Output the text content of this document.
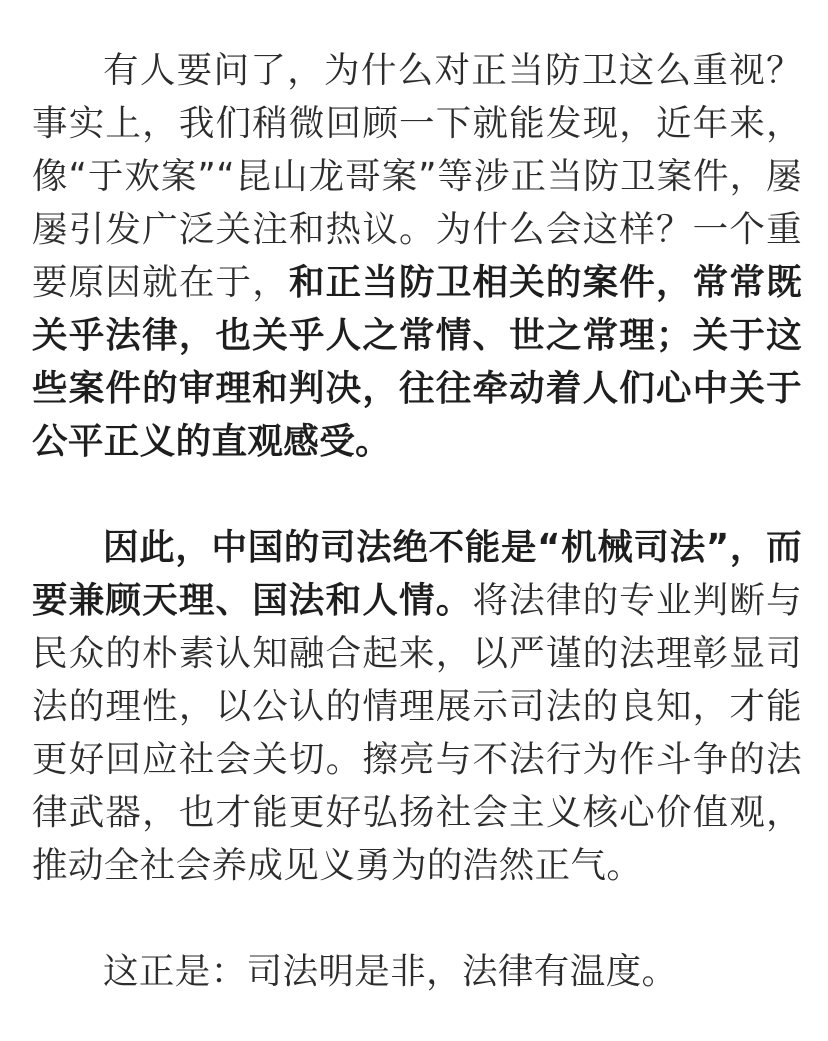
有人要问了，为什么对正当防卫这么重视？事实上，我们稍微回顾一下就能发现，近年来，像“于欢案”“昆山龙哥案”等涉正当防卫案件，屡屡引发广泛关注和热议。为什么会这样？一个重要原因就在于，和正当防卫相关的案件，常常既关乎法律，也关乎人之常情、世之常理；关于这些案件的审理和判决，往往牵动着人们心中关于公平正义的直观感受。

因此，中国的司法绝不能是“机械司法”，而要兼顾天理、国法和人情。将法律的专业判断与民众的朴素认知融合起来，以严谨的法理彰显司法的理性，以公认的情理展示司法的良知，才能更好回应社会关切。擦亮与不法行为作斗争的法律武器，也才能更好弘扬社会主义核心价值观，推动全社会养成见义勇为的浩然正气。

这正是：司法明是非，法律有温度。
